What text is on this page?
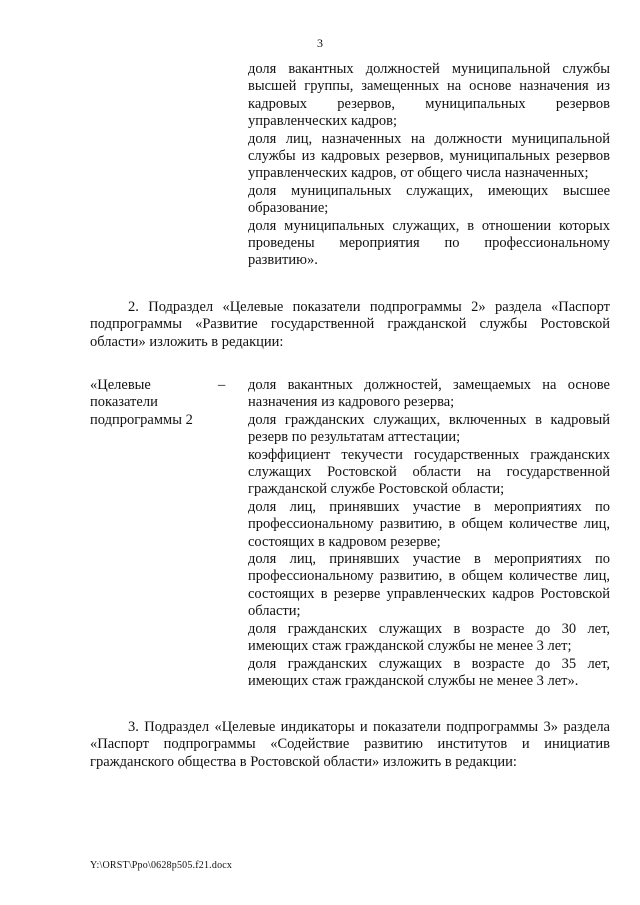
3

доля вакантных должностей муниципальной службы высшей группы, замещенных на основе назначения из кадровых резервов, муниципальных резервов управленческих кадров;

доля лиц, назначенных на должности муниципальной службы из кадровых резервов, муниципальных резервов управленческих кадров, от общего числа назначенных;

доля муниципальных служащих, имеющих высшее образование;

доля муниципальных служащих, в отношении которых проведены мероприятия по профессиональному развитию».

2. Подраздел «Целевые показатели подпрограммы 2» раздела «Паспорт подпрограммы «Развитие государственной гражданской службы Ростовской области» изложить в редакции:

«Целевые
показатели
подпрограммы 2
– доля вакантных должностей, замещаемых на основе назначения из кадрового резерва;

доля гражданских служащих, включенных в кадровый резерв по результатам аттестации;

коэффициент текучести государственных гражданских служащих Ростовской области на государственной гражданской службе Ростовской области;

доля лиц, принявших участие в мероприятиях по профессиональному развитию, в общем количестве лиц, состоящих в кадровом резерве;

доля лиц, принявших участие в мероприятиях по профессиональному развитию, в общем количестве лиц, состоящих в резерве управленческих кадров Ростовской области;

доля гражданских служащих в возрасте до 30 лет, имеющих стаж гражданской службы не менее 3 лет;

доля гражданских служащих в возрасте до 35 лет, имеющих стаж гражданской службы не менее 3 лет».

3. Подраздел «Целевые индикаторы и показатели подпрограммы 3» раздела «Паспорт подпрограммы «Содействие развитию институтов и инициатив гражданского общества в Ростовской области» изложить в редакции:

Y:\ORST\Ppo\0628p505.f21.docx
